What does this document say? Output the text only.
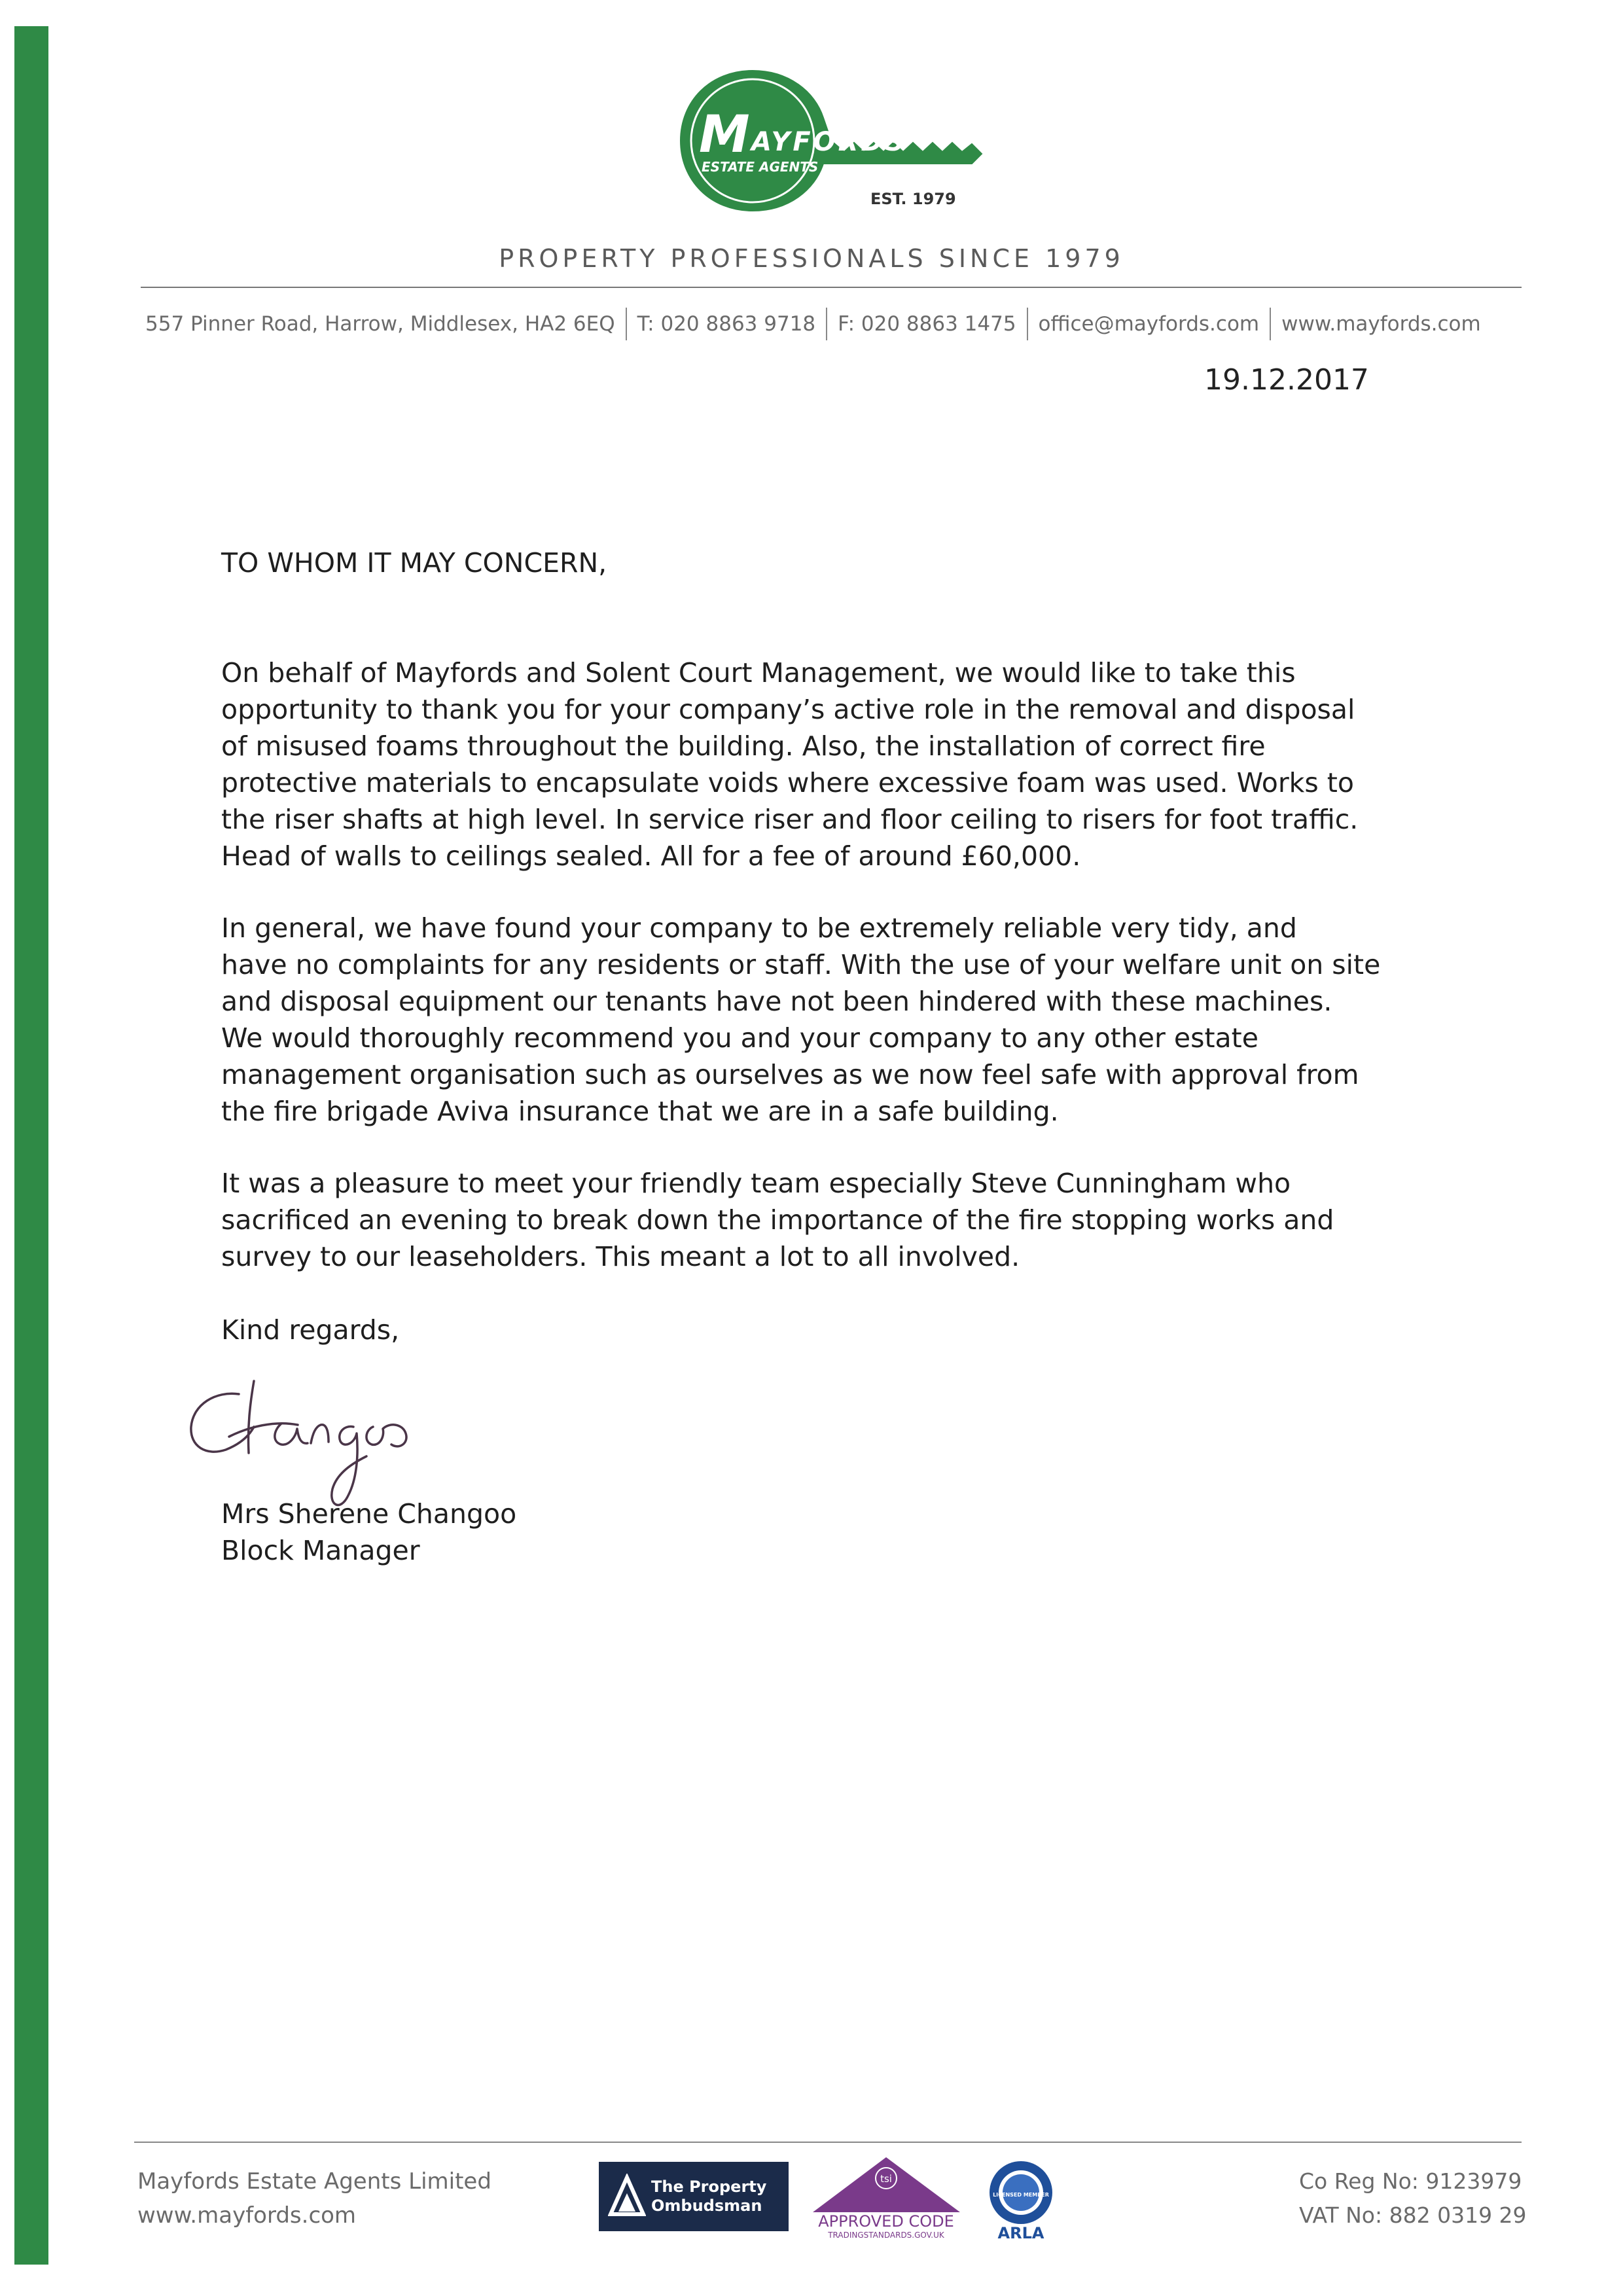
M AYFORDS
ESTATE AGENTS
EST. 1979
PROPERTY PROFESSIONALS SINCE 1979
557 Pinner Road, Harrow, Middlesex, HA2 6EQ T: 020 8863 9718 F: 020 8863 1475 office@mayfords.com www.mayfords.com
19.12.2017
TO WHOM IT MAY CONCERN,
On behalf of Mayfords and Solent Court Management, we would like to take this
opportunity to thank you for your company’s active role in the removal and disposal
of misused foams throughout the building. Also, the installation of correct fire
protective materials to encapsulate voids where excessive foam was used. Works to
the riser shafts at high level. In service riser and floor ceiling to risers for foot traffic.
Head of walls to ceilings sealed. All for a fee of around £60,000.
In general, we have found your company to be extremely reliable very tidy, and
have no complaints for any residents or staff. With the use of your welfare unit on site
and disposal equipment our tenants have not been hindered with these machines.
We would thoroughly recommend you and your company to any other estate
management organisation such as ourselves as we now feel safe with approval from
the fire brigade Aviva insurance that we are in a safe building.
It was a pleasure to meet your friendly team especially Steve Cunningham who
sacrificed an evening to break down the importance of the fire stopping works and
survey to our leaseholders. This meant a lot to all involved.
Kind regards,
Mrs Sherene Changoo
Block Manager
Mayfords Estate Agents Limited
www.mayfords.com
The Property
Ombudsman
tsi
APPROVED CODE
TRADINGSTANDARDS.GOV.UK
LICENSED MEMBER
ARLA
Co Reg No: 9123979
VAT No: 882 0319 29
